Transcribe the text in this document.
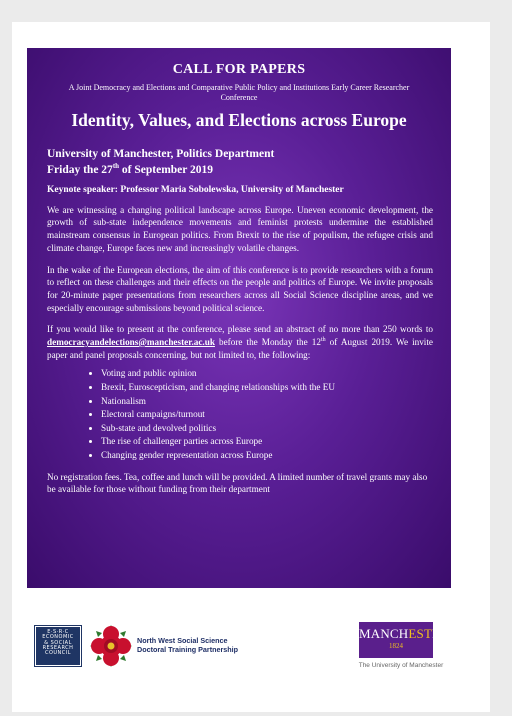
CALL FOR PAPERS

A Joint Democracy and Elections and Comparative Public Policy and Institutions Early Career Researcher Conference

Identity, Values, and Elections across Europe

University of Manchester, Politics Department
Friday the 27th of September 2019

Keynote speaker: Professor Maria Sobolewska, University of Manchester

We are witnessing a changing political landscape across Europe. Uneven economic development, the growth of sub-state independence movements and feminist protests undermine the established mainstream consensus in European politics. From Brexit to the rise of populism, the refugee crisis and climate change, Europe faces new and increasingly volatile changes.

In the wake of the European elections, the aim of this conference is to provide researchers with a forum to reflect on these challenges and their effects on the people and politics of Europe. We invite proposals for 20-minute paper presentations from researchers across all Social Science discipline areas, and we especially encourage submissions beyond political science.

If you would like to present at the conference, please send an abstract of no more than 250 words to democracyandelections@manchester.ac.uk before the Monday the 12th of August 2019. We invite paper and panel proposals concerning, but not limited to, the following:

• Voting and public opinion
• Brexit, Euroscepticism, and changing relationships with the EU
• Nationalism
• Electoral campaigns/turnout
• Sub-state and devolved politics
• The rise of challenger parties across Europe
• Changing gender representation across Europe

No registration fees. Tea, coffee and lunch will be provided. A limited number of travel grants may also be available for those without funding from their department

E·S·R·C
ECONOMIC
& SOCIAL
RESEARCH
COUNCIL
North West Social Science
Doctoral Training Partnership
MANCHESTER
1824
The University of Manchester
